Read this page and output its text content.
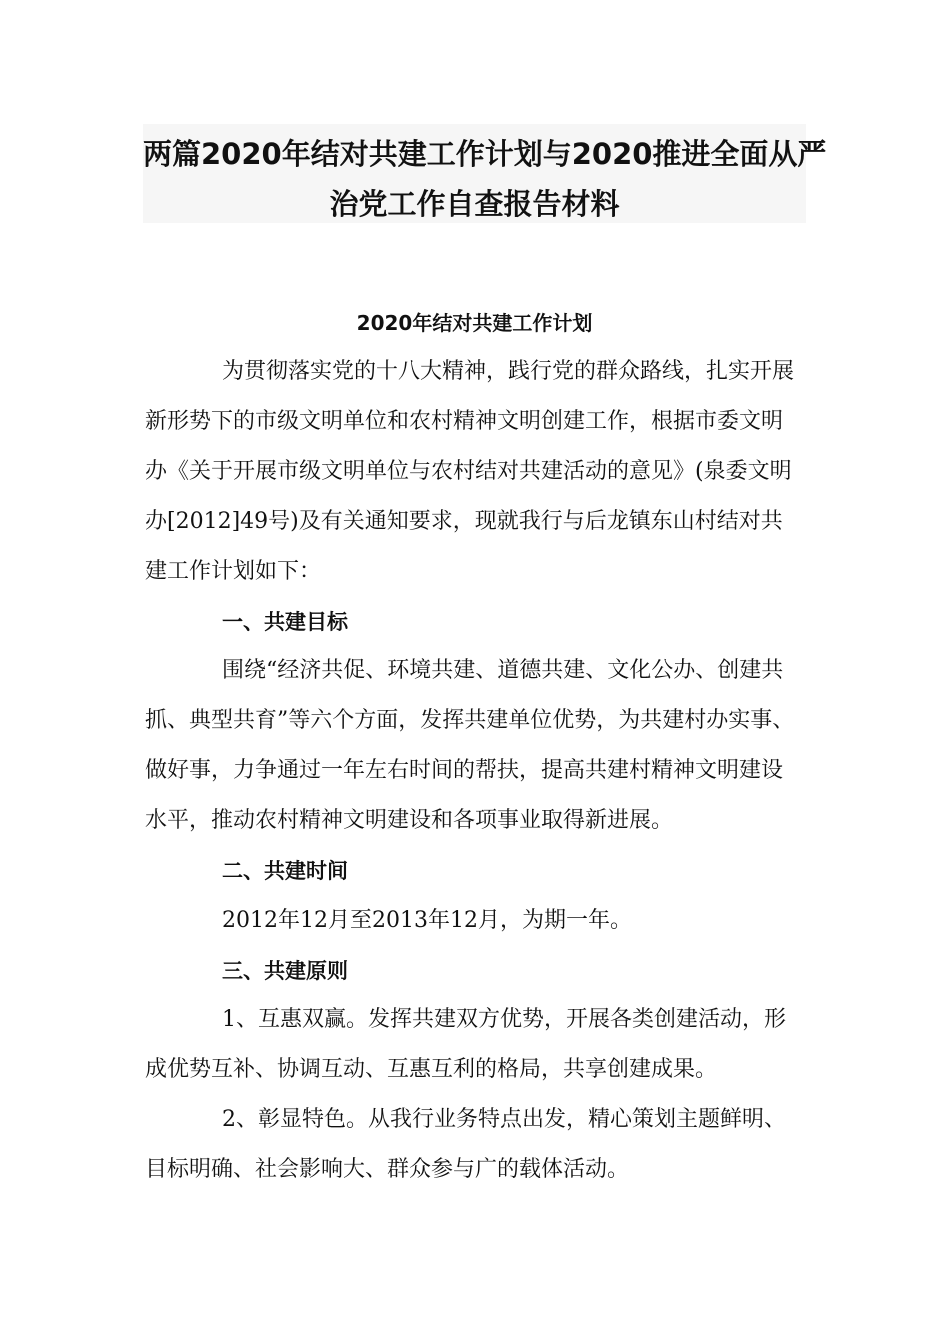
两篇2020年结对共建工作计划与2020推进全面从严
治党工作自查报告材料
2020年结对共建工作计划
为贯彻落实党的十八大精神，践行党的群众路线，扎实开展
新形势下的市级文明单位和农村精神文明创建工作，根据市委文明
办《关于开展市级文明单位与农村结对共建活动的意见》(泉委文明
办[2012]49号)及有关通知要求，现就我行与后龙镇东山村结对共
建工作计划如下：
一、共建目标
围绕“经济共促、环境共建、道德共建、文化公办、创建共
抓、典型共育”等六个方面，发挥共建单位优势，为共建村办实事、
做好事，力争通过一年左右时间的帮扶，提高共建村精神文明建设
水平，推动农村精神文明建设和各项事业取得新进展。
二、共建时间
2012年12月至2013年12月，为期一年。
三、共建原则
1、互惠双赢。发挥共建双方优势，开展各类创建活动，形
成优势互补、协调互动、互惠互利的格局，共享创建成果。
2、彰显特色。从我行业务特点出发，精心策划主题鲜明、
目标明确、社会影响大、群众参与广的载体活动。
